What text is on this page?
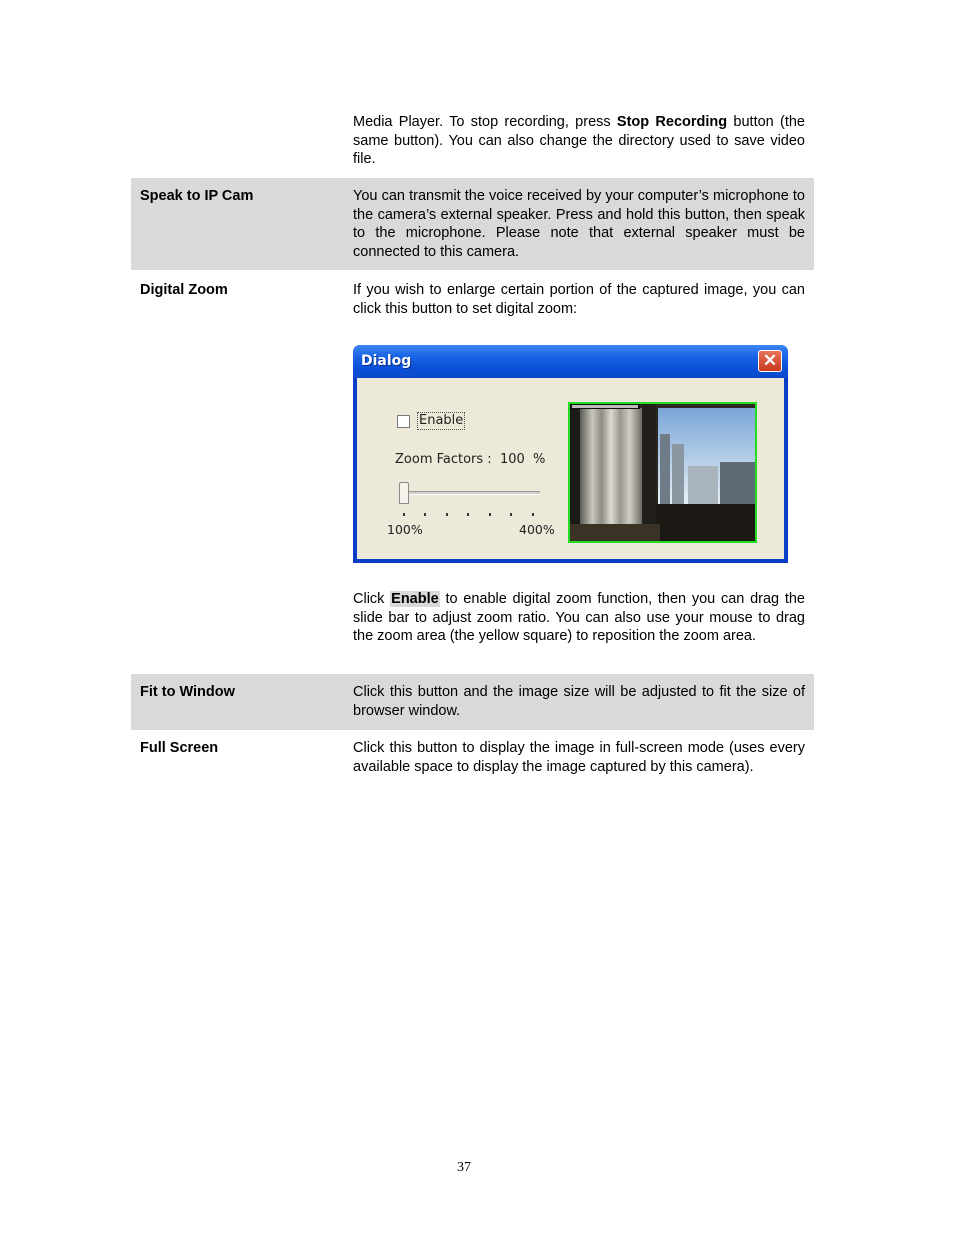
Media Player. To stop recording, press Stop Recording button (the same button). You can also change the directory used to save video file.
Speak to IP Cam	You can transmit the voice received by your computer’s microphone to the camera’s external speaker. Press and hold this button, then speak to the microphone. Please note that external speaker must be connected to this camera.
Digital Zoom	If you wish to enlarge certain portion of the captured image, you can click this button to set digital zoom:
Click Enable to enable digital zoom function, then you can drag the slide bar to adjust zoom ratio. You can also use your mouse to drag the zoom area (the yellow square) to reposition the zoom area.
Fit to Window	Click this button and the image size will be adjusted to fit the size of browser window.
Full Screen	Click this button to display the image in full-screen mode (uses every available space to display the image captured by this camera).
Dialog	✕
Enable
Zoom Factors :  100  %
100%	400%
37
